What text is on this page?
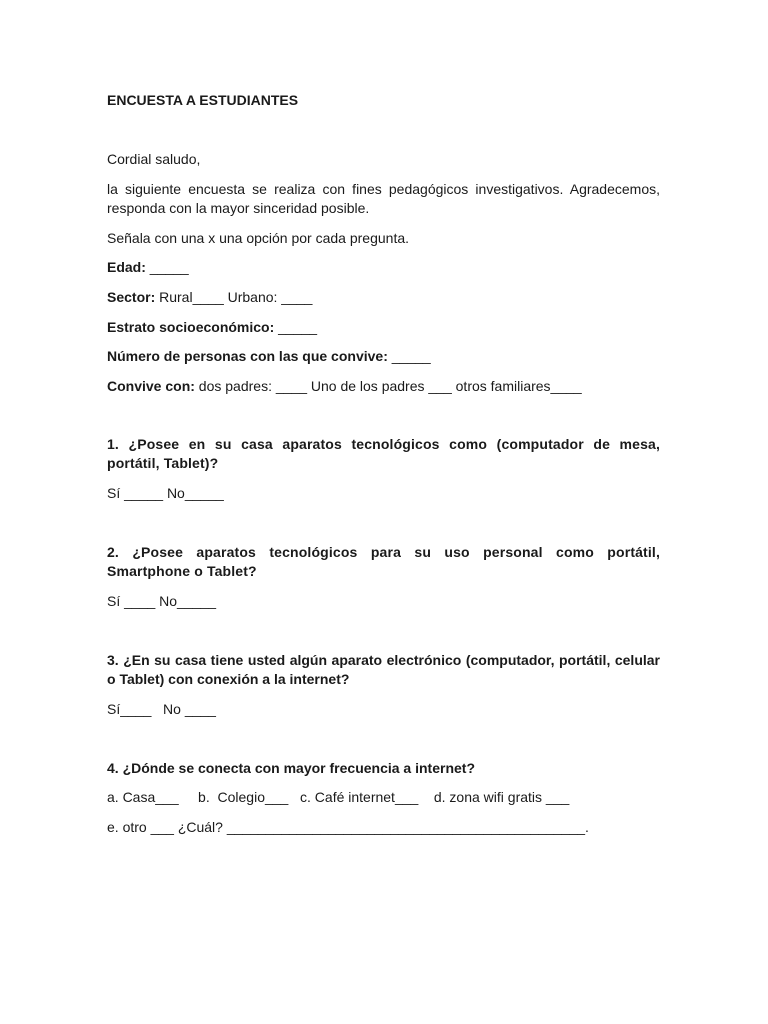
ENCUESTA A ESTUDIANTES
Cordial saludo,
la siguiente encuesta se realiza con fines pedagógicos investigativos. Agradecemos, responda con la mayor sinceridad posible.
Señala con una x una opción por cada pregunta.
Edad: _____
Sector: Rural____ Urbano: ____
Estrato socioeconómico: _____
Número de personas con las que convive: _____
Convive con: dos padres: ____ Uno de los padres ___ otros familiares____
1. ¿Posee en su casa aparatos tecnológicos como (computador de mesa, portátil, Tablet)?
Sí _____ No_____
2. ¿Posee aparatos tecnológicos para su uso personal como portátil, Smartphone o Tablet?
Sí ____ No_____
3. ¿En su casa tiene usted algún aparato electrónico (computador, portátil, celular o Tablet) con conexión a la internet?
Sí____   No ____
4. ¿Dónde se conecta con mayor frecuencia a internet?
a. Casa___     b.  Colegio___   c. Café internet___    d. zona wifi gratis ___
e. otro ___ ¿Cuál? ______________________________________________.
